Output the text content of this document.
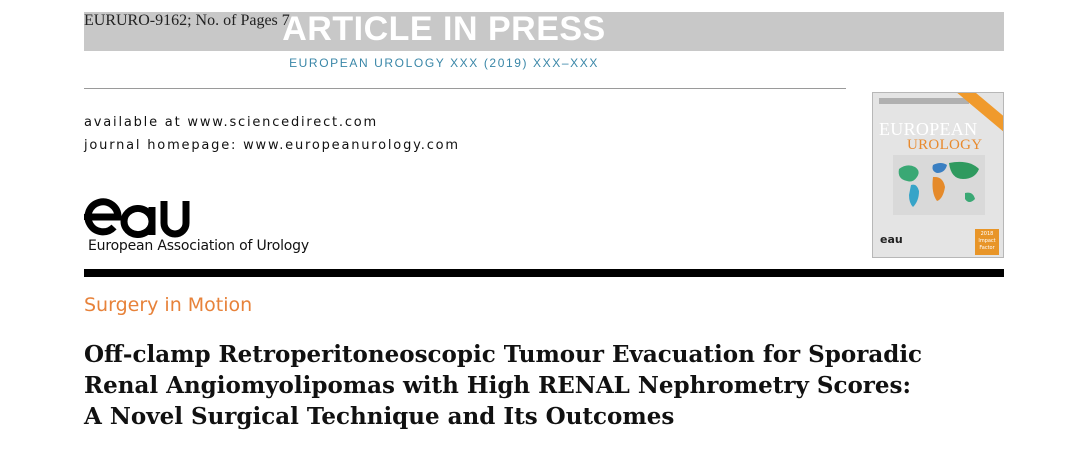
EURURO-9162; No. of Pages 7
ARTICLE IN PRESS
EUROPEAN UROLOGY XXX (2019) XXX–XXX
available at www.sciencedirect.com
journal homepage: www.europeanurology.com
European Association of Urology
EUROPEAN
UROLOGY
eau	2018 Impact Factor
Surgery in Motion
Off-clamp Retroperitoneoscopic Tumour Evacuation for Sporadic
Renal Angiomyolipomas with High RENAL Nephrometry Scores:
A Novel Surgical Technique and Its Outcomes
